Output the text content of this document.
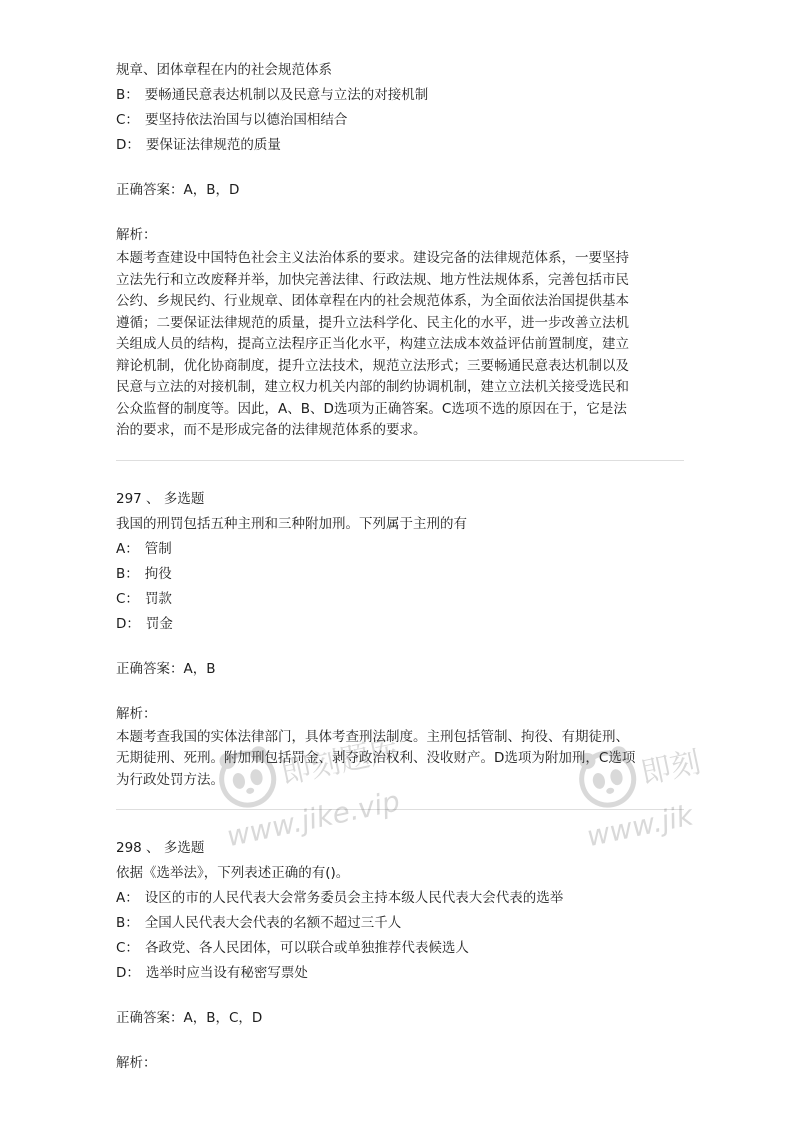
规章、团体章程在内的社会规范体系
B： 要畅通民意表达机制以及民意与立法的对接机制
C： 要坚持依法治国与以德治国相结合
D： 要保证法律规范的质量
正确答案：A，B，D
解析：
本题考查建设中国特色社会主义法治体系的要求。建设完备的法律规范体系，一要坚持
立法先行和立改废释并举，加快完善法律、行政法规、地方性法规体系，完善包括市民
公约、乡规民约、行业规章、团体章程在内的社会规范体系，为全面依法治国提供基本
遵循；二要保证法律规范的质量，提升立法科学化、民主化的水平，进一步改善立法机
关组成人员的结构，提高立法程序正当化水平，构建立法成本效益评估前置制度，建立
辩论机制，优化协商制度，提升立法技术，规范立法形式；三要畅通民意表达机制以及
民意与立法的对接机制，建立权力机关内部的制约协调机制，建立立法机关接受选民和
公众监督的制度等。因此，A、B、D选项为正确答案。C选项不选的原因在于，它是法
治的要求，而不是形成完备的法律规范体系的要求。
297 、 多选题
我国的刑罚包括五种主刑和三种附加刑。下列属于主刑的有
A： 管制
B： 拘役
C： 罚款
D： 罚金
正确答案：A，B
解析：
本题考查我国的实体法律部门，具体考查刑法制度。主刑包括管制、拘役、有期徒刑、
无期徒刑、死刑。附加刑包括罚金、剥夺政治权利、没收财产。D选项为附加刑，C选项
为行政处罚方法。
298 、 多选题
依据《选举法》，下列表述正确的有()。
A： 设区的市的人民代表大会常务委员会主持本级人民代表大会代表的选举
B： 全国人民代表大会代表的名额不超过三千人
C： 各政党、各人民团体，可以联合或单独推荐代表候选人
D： 选举时应当设有秘密写票处
正确答案：A，B，C，D
解析：
即刻题库
www.jike.vip
即刻
www.jik
